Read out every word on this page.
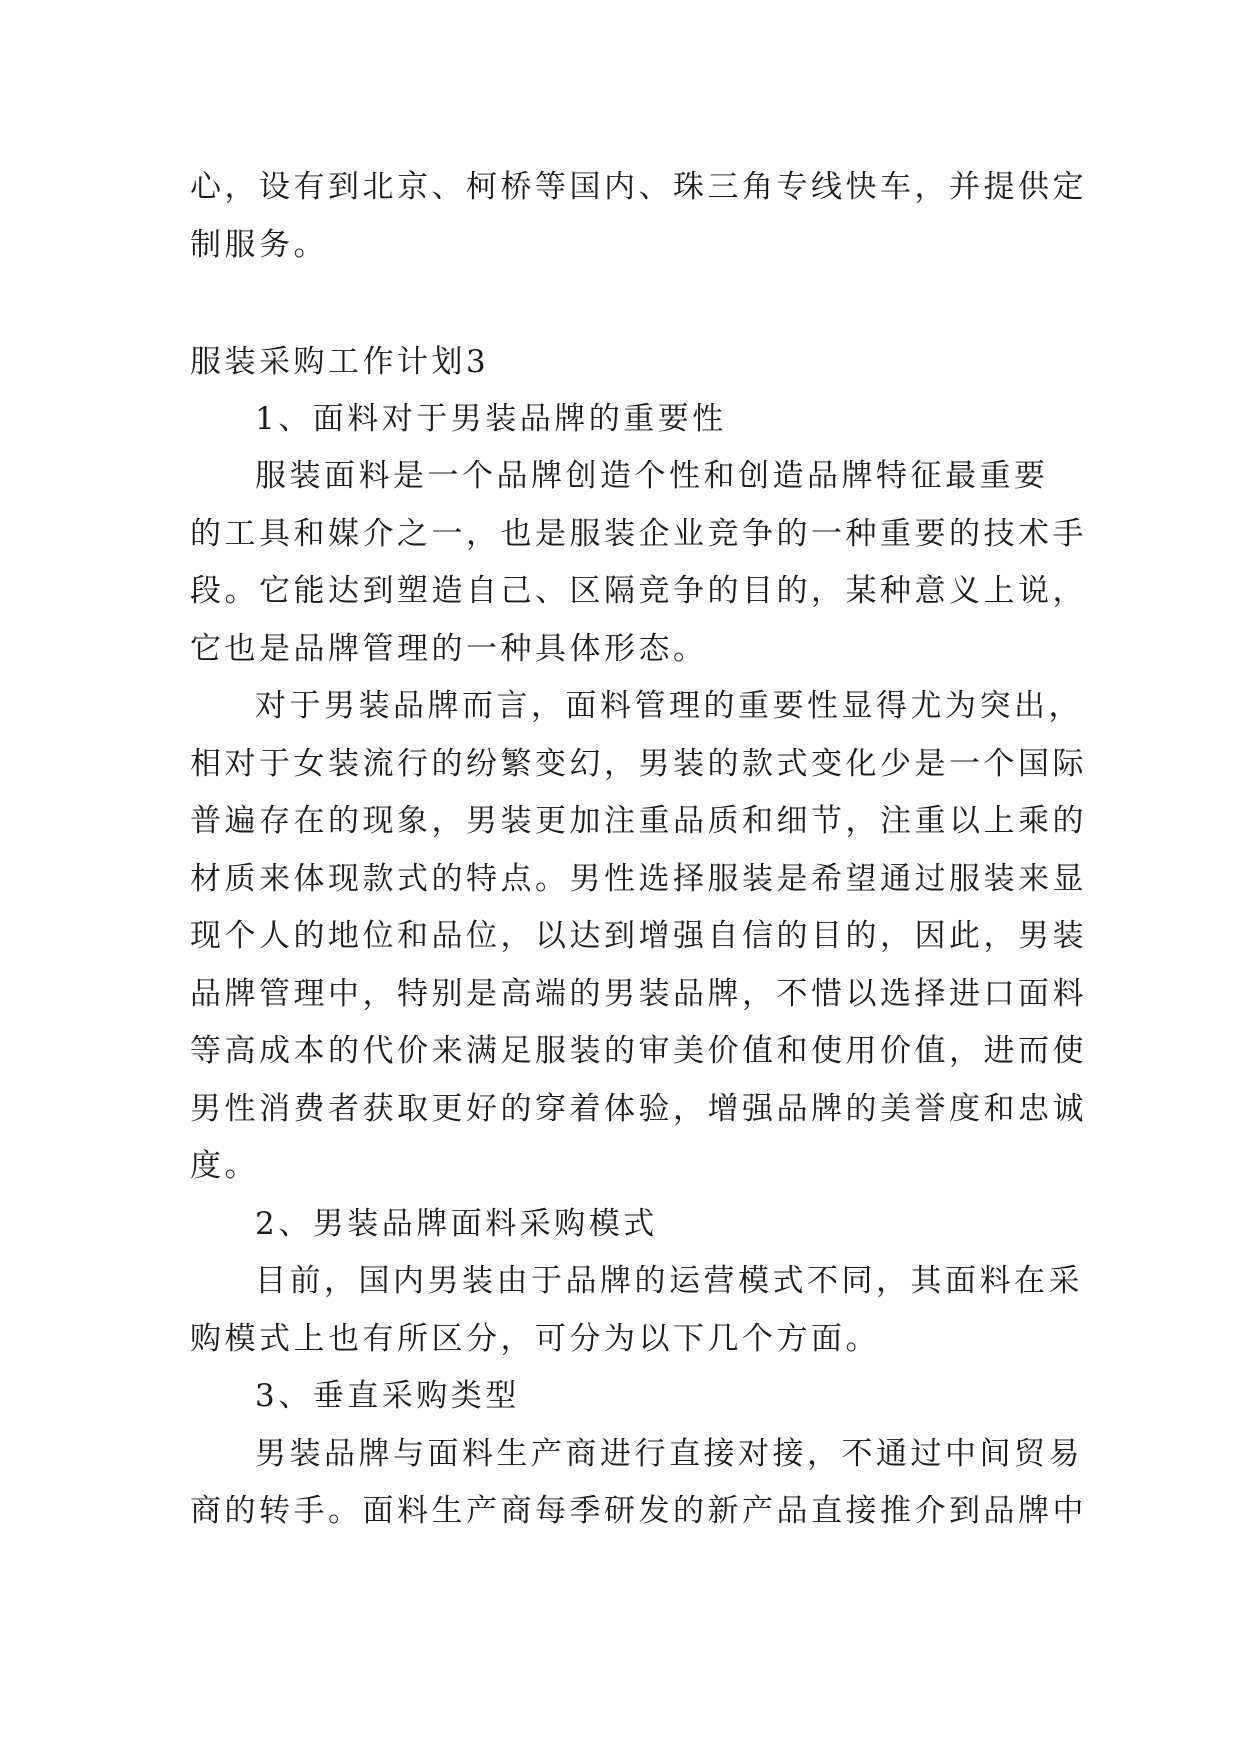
心，设有到北京、柯桥等国内、珠三角专线快车，并提供定
制服务。
服装采购工作计划3
1、面料对于男装品牌的重要性
服装面料是一个品牌创造个性和创造品牌特征最重要
的工具和媒介之一，也是服装企业竞争的一种重要的技术手
段。它能达到塑造自己、区隔竞争的目的，某种意义上说，
它也是品牌管理的一种具体形态。
对于男装品牌而言，面料管理的重要性显得尤为突出，
相对于女装流行的纷繁变幻，男装的款式变化少是一个国际
普遍存在的现象，男装更加注重品质和细节，注重以上乘的
材质来体现款式的特点。男性选择服装是希望通过服装来显
现个人的地位和品位，以达到增强自信的目的，因此，男装
品牌管理中，特别是高端的男装品牌，不惜以选择进口面料
等高成本的代价来满足服装的审美价值和使用价值，进而使
男性消费者获取更好的穿着体验，增强品牌的美誉度和忠诚
度。
2、男装品牌面料采购模式
目前，国内男装由于品牌的运营模式不同，其面料在采
购模式上也有所区分，可分为以下几个方面。
3、垂直采购类型
男装品牌与面料生产商进行直接对接，不通过中间贸易
商的转手。面料生产商每季研发的新产品直接推介到品牌中
